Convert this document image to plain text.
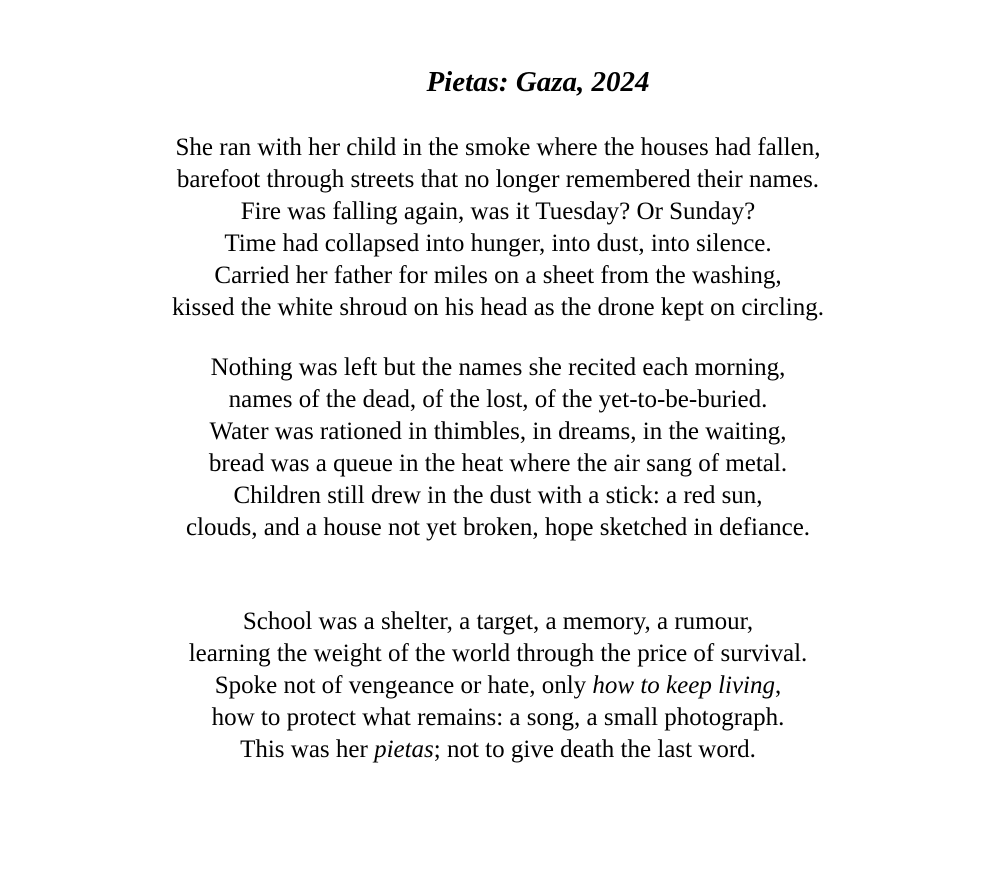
Pietas: Gaza, 2024
She ran with her child in the smoke where the houses had fallen,
barefoot through streets that no longer remembered their names.
Fire was falling again, was it Tuesday? Or Sunday?
Time had collapsed into hunger, into dust, into silence.
Carried her father for miles on a sheet from the washing,
kissed the white shroud on his head as the drone kept on circling.
Nothing was left but the names she recited each morning,
names of the dead, of the lost, of the yet-to-be-buried.
Water was rationed in thimbles, in dreams, in the waiting,
bread was a queue in the heat where the air sang of metal.
Children still drew in the dust with a stick: a red sun,
clouds, and a house not yet broken, hope sketched in defiance.
School was a shelter, a target, a memory, a rumour,
learning the weight of the world through the price of survival.
Spoke not of vengeance or hate, only how to keep living,
how to protect what remains: a song, a small photograph.
This was her pietas; not to give death the last word.
